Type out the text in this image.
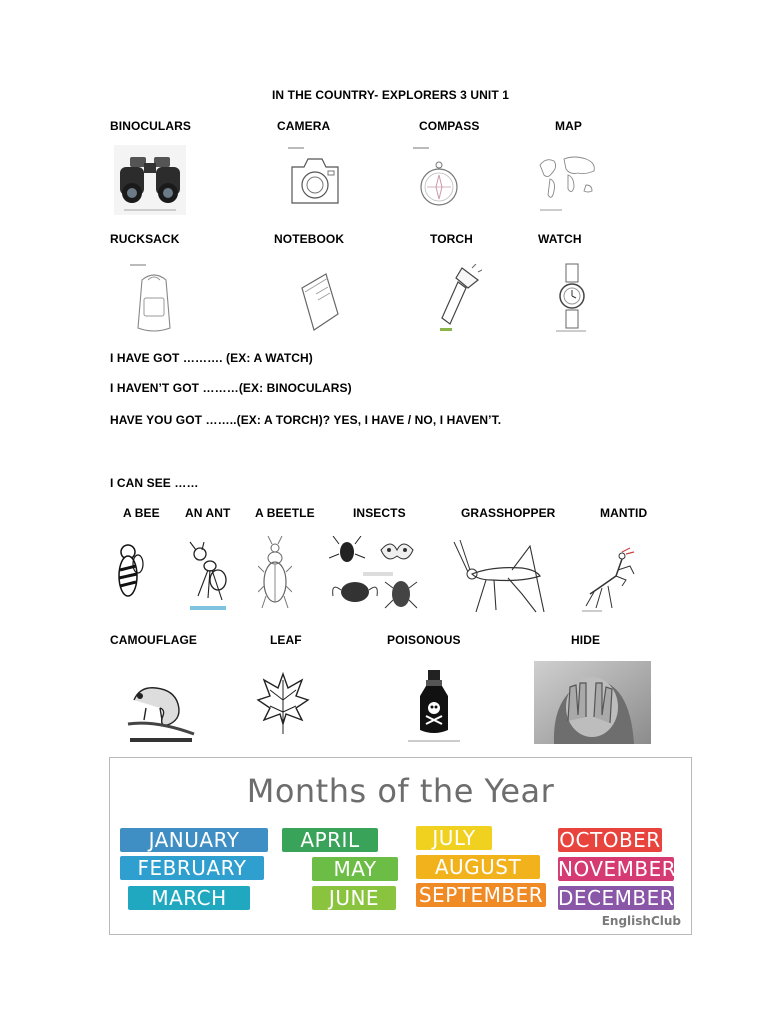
IN THE COUNTRY- EXPLORERS 3 UNIT 1
BINOCULARS	CAMERA	COMPASS	MAP
RUCKSACK	NOTEBOOK	TORCH	WATCH
I HAVE GOT ………. (EX: A WATCH)
I HAVEN’T GOT ………(EX: BINOCULARS)
HAVE YOU GOT ……..(EX: A TORCH)? YES, I HAVE / NO, I HAVEN’T.
I CAN SEE ……
A BEE AN ANT A BEETLE	INSECTS	GRASSHOPPER	MANTID
CAMOUFLAGE	LEAF	POISONOUS	HIDE
Months of the Year
JANUARY
FEBRUARY
MARCH
APRIL
MAY
JUNE
JULY
AUGUST
SEPTEMBER
OCTOBER
NOVEMBER
DECEMBER
EnglishClub
